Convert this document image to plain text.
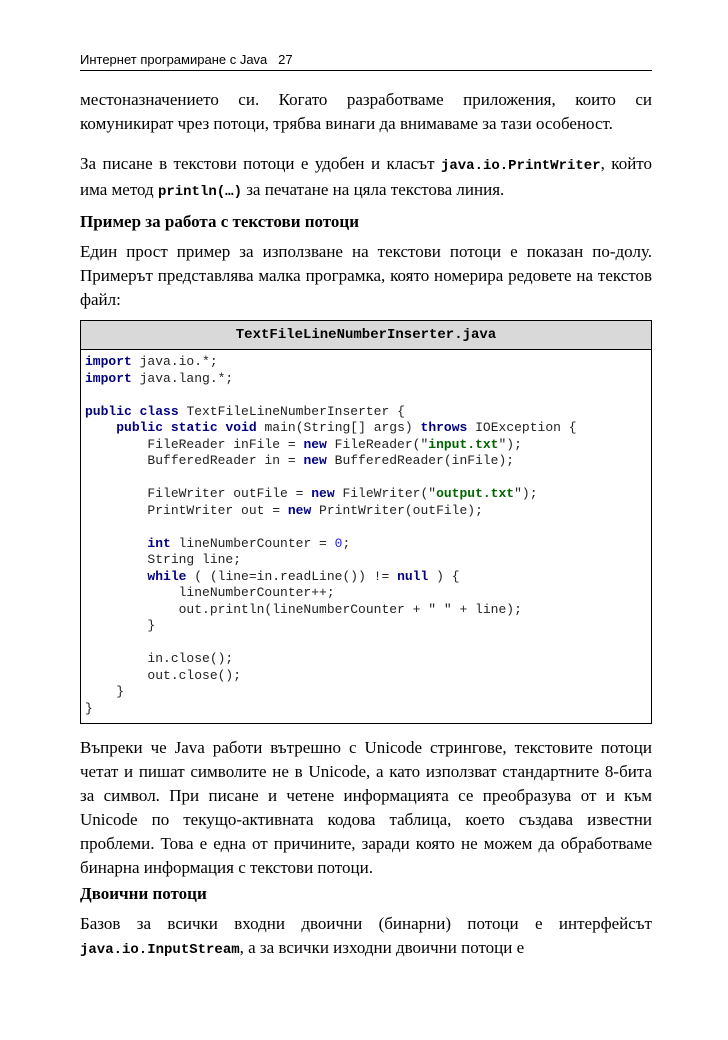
Интернет програмиране с Java 27

местоназначението си. Когато разработваме приложения, които си комуникират чрез потоци, трябва винаги да внимаваме за тази особеност.

За писане в текстови потоци е удобен и класът java.io.PrintWriter, който има метод println(…) за печатане на цяла текстова линия.

Пример за работа с текстови потоци

Един прост пример за използване на текстови потоци е показан по-долу. Примерът представлява малка програмка, която номерира редовете на текстов файл:

TextFileLineNumberInserter.java
import java.io.*;
import java.lang.*;

public class TextFileLineNumberInserter {
public static void main(String[] args) throws IOException {
FileReader inFile = new FileReader("input.txt");
BufferedReader in = new BufferedReader(inFile);

FileWriter outFile = new FileWriter("output.txt");
PrintWriter out = new PrintWriter(outFile);

int lineNumberCounter = 0;
String line;
while ( (line=in.readLine()) != null ) {
lineNumberCounter++;
out.println(lineNumberCounter + " " + line);
}

in.close();
out.close();
}
}

Въпреки че Java работи вътрешно с Unicode стрингове, текстовите потоци четат и пишат символите не в Unicode, а като използват стандартните 8-бита за символ. При писане и четене информацията се преобразува от и към Unicode по текущо-активната кодова таблица, което създава известни проблеми. Това е една от причините, заради която не можем да обработваме бинарна информация с текстови потоци.

Двоични потоци

Базов за всички входни двоични (бинарни) потоци е интерфейсът java.io.InputStream, а за всички изходни двоични потоци е
